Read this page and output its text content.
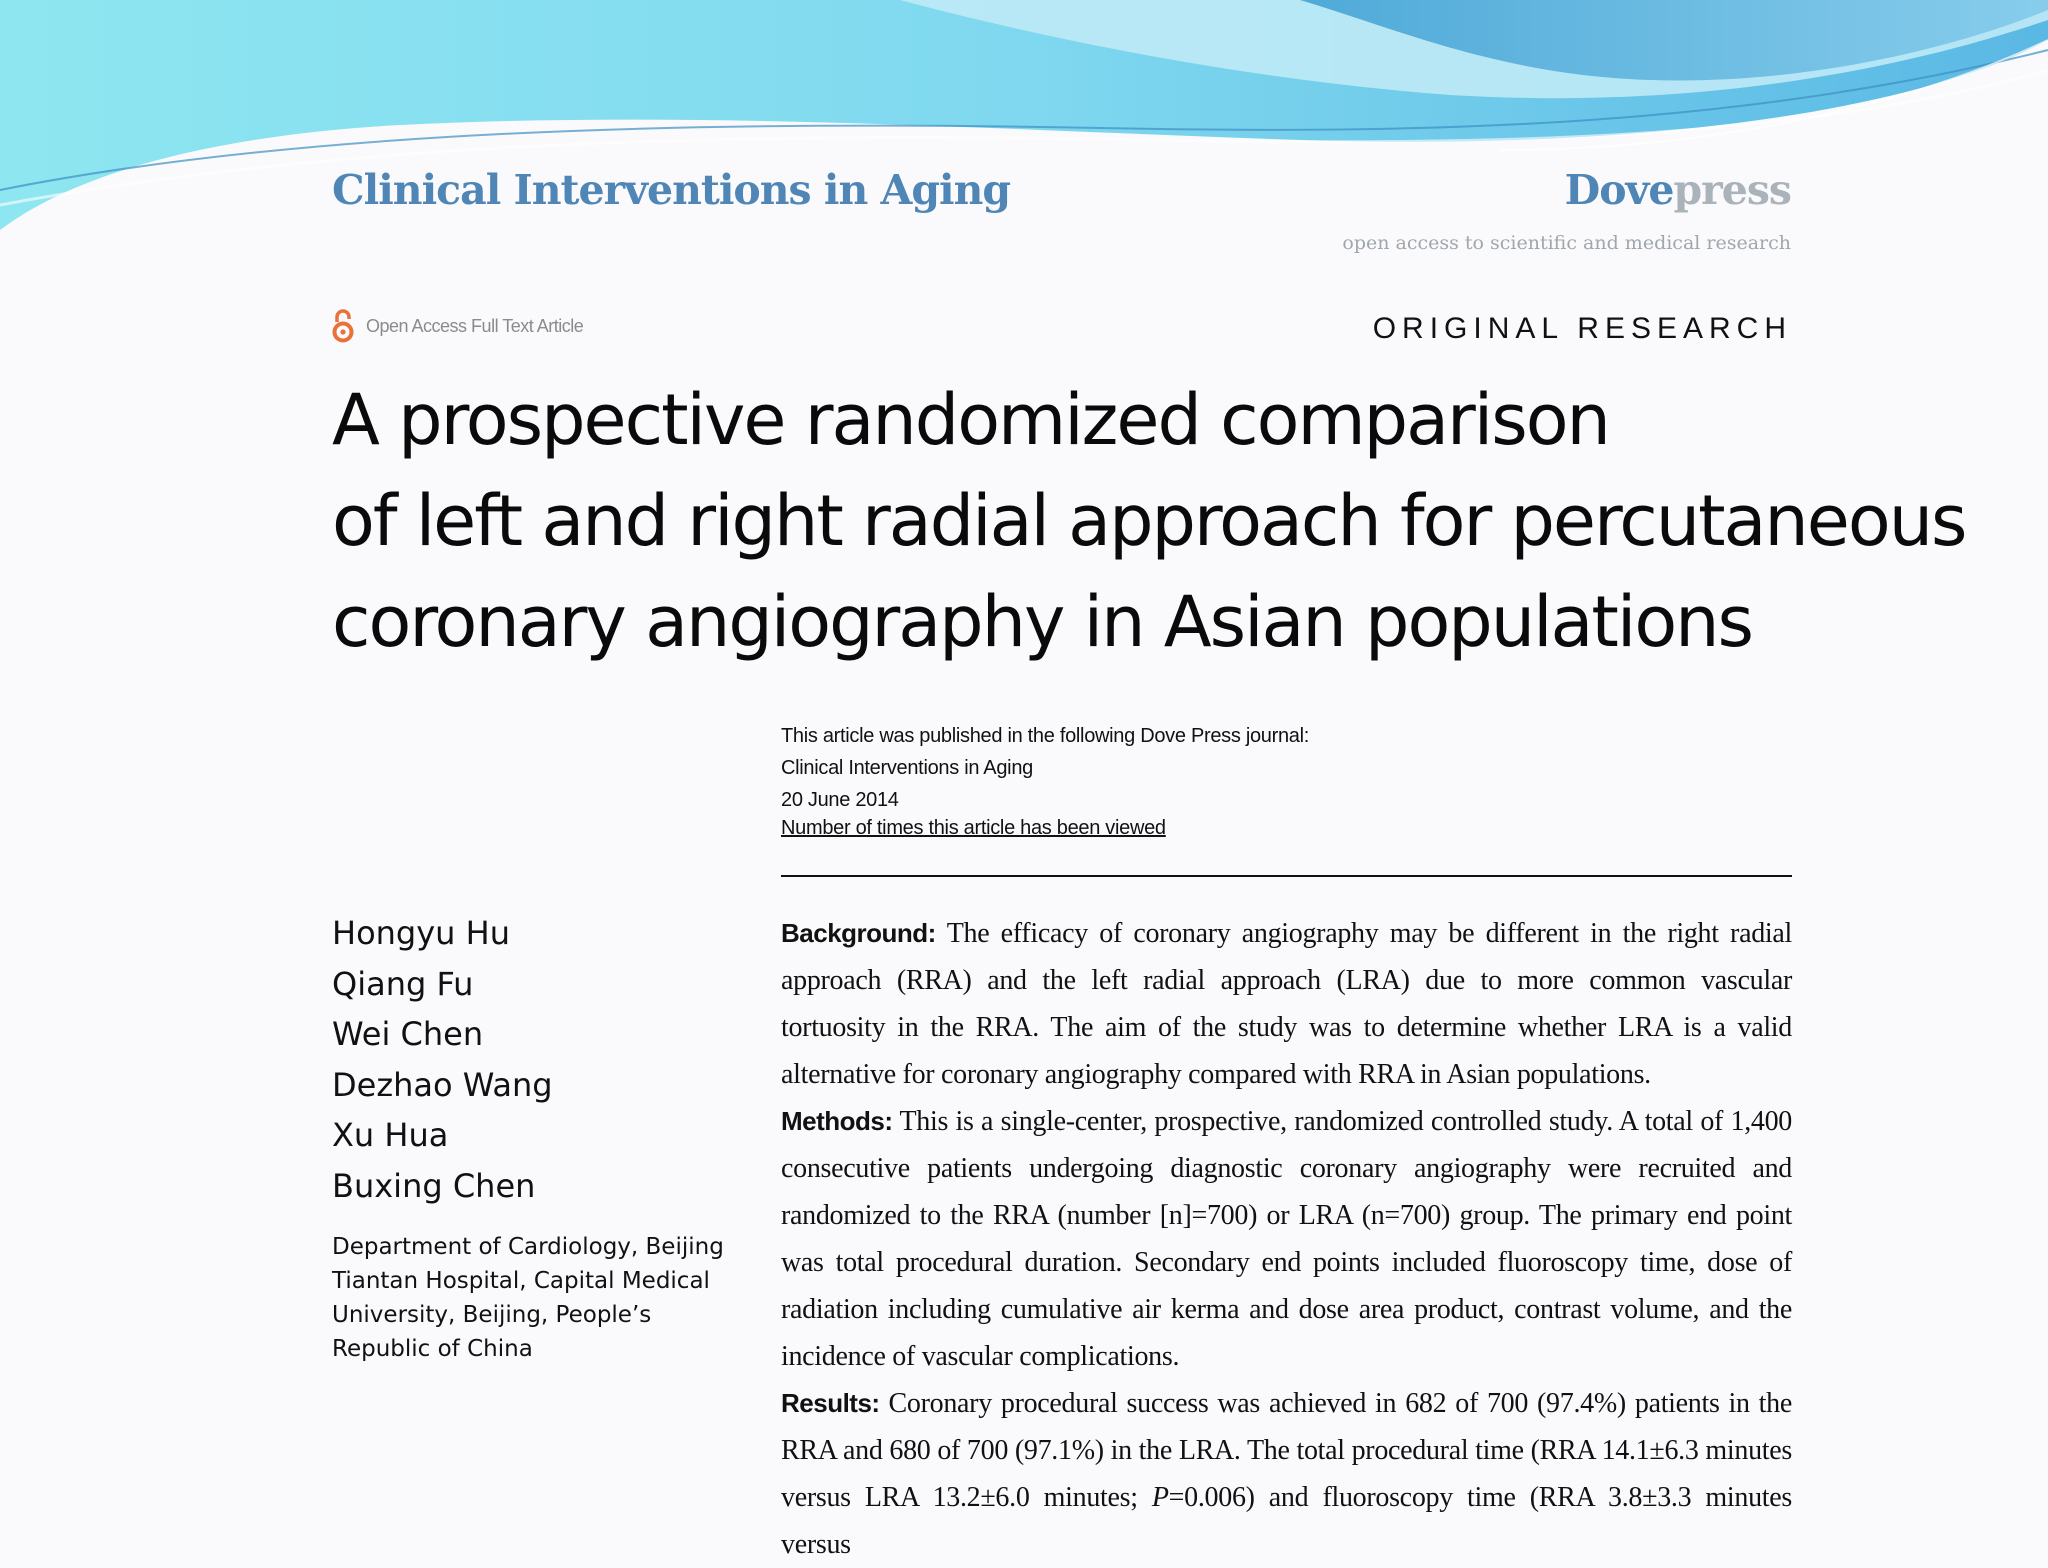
Clinical Interventions in Aging	Dovepress
open access to scientific and medical research
Open Access Full Text Article	ORIGINAL RESEARCH
A prospective randomized comparison
of left and right radial approach for percutaneous
coronary angiography in Asian populations
This article was published in the following Dove Press journal:
Clinical Interventions in Aging
20 June 2014
Number of times this article has been viewed
Hongyu Hu
Qiang Fu
Wei Chen
Dezhao Wang
Xu Hua
Buxing Chen
Department of Cardiology, Beijing Tiantan Hospital, Capital Medical University, Beijing, People’s Republic of China

Background: The efficacy of coronary angiography may be different in the right radial approach (RRA) and the left radial approach (LRA) due to more common vascular tortuosity in the RRA. The aim of the study was to determine whether LRA is a valid alternative for coronary angiography compared with RRA in Asian populations.

Methods: This is a single-center, prospective, randomized controlled study. A total of 1,400 consecutive patients undergoing diagnostic coronary angiography were recruited and randomized to the RRA (number [n]=700) or LRA (n=700) group. The primary end point was total procedural duration. Secondary end points included fluoroscopy time, dose of radiation including cumulative air kerma and dose area product, contrast volume, and the incidence of vascular complications.

Results: Coronary procedural success was achieved in 682 of 700 (97.4%) patients in the RRA and 680 of 700 (97.1%) in the LRA. The total procedural time (RRA 14.1±6.3 minutes versus LRA 13.2±6.0 minutes; P=0.006) and fluoroscopy time (RRA 3.8±3.3 minutes versus
